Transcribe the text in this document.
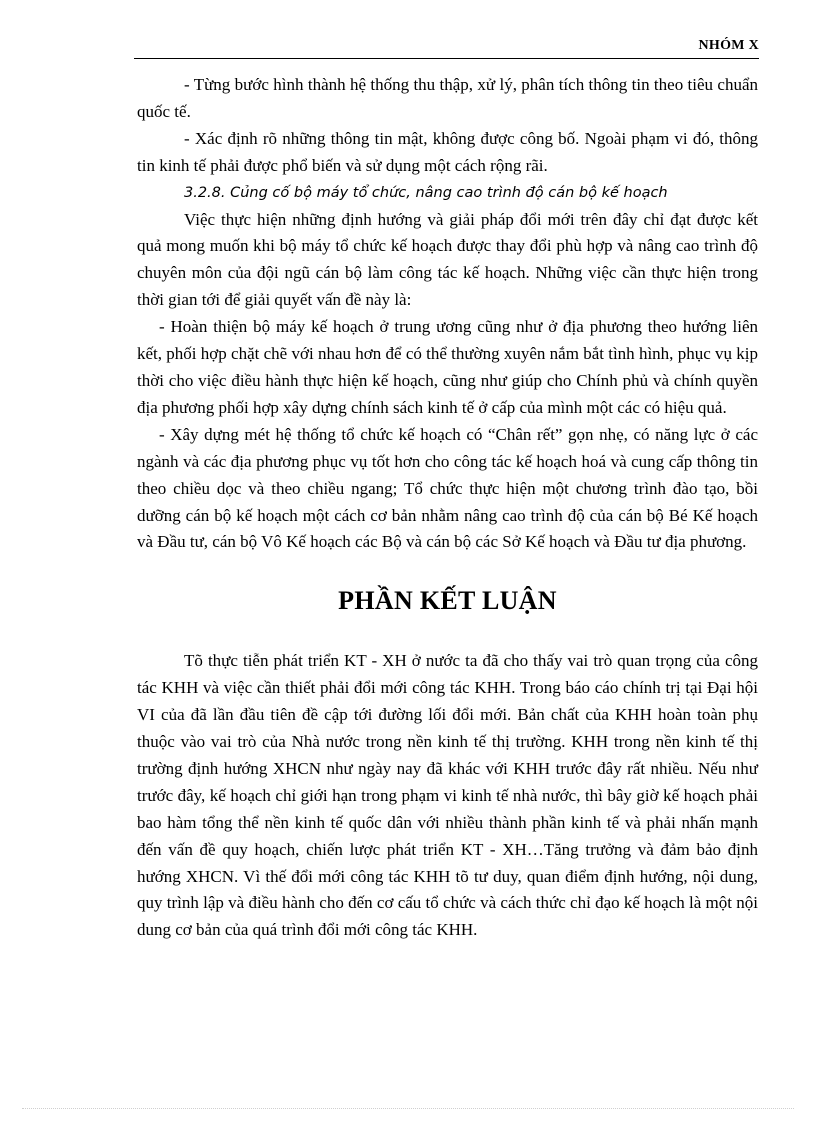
NHÓM X

- Từng bước hình thành hệ thống thu thập, xử lý, phân tích thông tin theo tiêu chuẩn quốc tế.

- Xác định rõ những thông tin mật, không được công bố. Ngoài phạm vi đó, thông tin kinh tế phải được phổ biến và sử dụng một cách rộng rãi.

3.2.8. Củng cố bộ máy tổ chức, nâng cao trình độ cán bộ kế hoạch

Việc thực hiện những định hướng và giải pháp đổi mới trên đây chỉ đạt được kết quả mong muốn khi bộ máy tổ chức kế hoạch được thay đổi phù hợp và nâng cao trình độ chuyên môn của đội ngũ cán bộ làm công tác kế hoạch. Những việc cần thực hiện trong thời gian tới để giải quyết vấn đề này là:

- Hoàn thiện bộ máy kế hoạch ở trung ương cũng như ở địa phương theo hướng liên kết, phối hợp chặt chẽ với nhau hơn để có thể thường xuyên nắm bắt tình hình, phục vụ kịp thời cho việc điều hành thực hiện kế hoạch, cũng như giúp cho Chính phủ và chính quyền địa phương phối hợp xây dựng chính sách kinh tế ở cấp của mình một các có hiệu quả.

- Xây dựng mét hệ thống tổ chức kế hoạch có “Chân rết” gọn nhẹ, có năng lực ở các ngành và các địa phương phục vụ tốt hơn cho công tác kế hoạch hoá và cung cấp thông tin theo chiều dọc và theo chiều ngang; Tổ chức thực hiện một chương trình đào tạo, bồi dưỡng cán bộ kế hoạch một cách cơ bản nhằm nâng cao trình độ của cán bộ Bé Kế hoạch và Đầu tư, cán bộ Vô Kế hoạch các Bộ và cán bộ các Sở Kế hoạch và Đầu tư địa phương.

PHẦN KẾT LUẬN

Tõ thực tiễn phát triển KT - XH ở nước ta đã cho thấy vai trò quan trọng của công tác KHH và việc cần thiết phải đổi mới công tác KHH. Trong báo cáo chính trị tại Đại hội VI của đã lần đầu tiên đề cập tới đường lối đổi mới. Bản chất của KHH hoàn toàn phụ thuộc vào vai trò của Nhà nước trong nền kinh tế thị trường. KHH trong nền kinh tế thị trường định hướng XHCN như ngày nay đã khác với KHH trước đây rất nhiều. Nếu như trước đây, kế hoạch chỉ giới hạn trong phạm vi kinh tế nhà nước, thì bây giờ kế hoạch phải bao hàm tổng thể nền kinh tế quốc dân với nhiều thành phần kinh tế và phải nhấn mạnh đến vấn đề quy hoạch, chiến lược phát triển KT - XH…Tăng trưởng và đảm bảo định hướng XHCN. Vì thế đổi mới công tác KHH tõ tư duy, quan điểm định hướng, nội dung, quy trình lập và điều hành cho đến cơ cấu tổ chức và cách thức chỉ đạo kế hoạch là một nội dung cơ bản của quá trình đổi mới công tác KHH.
